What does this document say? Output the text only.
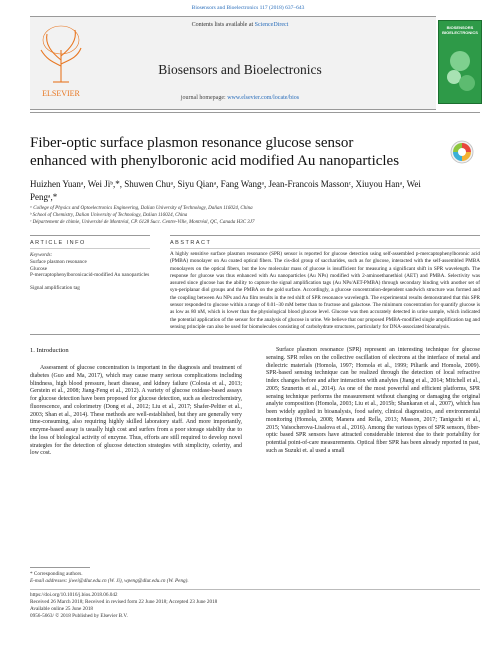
Biosensors and Bioelectronics 117 (2018) 637–643
ELSEVIER
Contents lists available at ScienceDirect
Biosensors and Bioelectronics
journal homepage: www.elsevier.com/locate/bios
BIOSENSORS BIOELECTRONICS
Fiber-optic surface plasmon resonance glucose sensor enhanced with phenylboronic acid modified Au nanoparticles
Huizhen Yuanᵃ, Wei Jiᵇ,*, Shuwen Chuᵃ, Siyu Qianᵃ, Fang Wangᵃ, Jean-Francois Massonᶜ, Xiuyou Hanᵃ, Wei Pengᵃ,*
ᵃ College of Physics and Optoelectronics Engineering, Dalian University of Technology, Dalian 116024, China
ᵇ School of Chemistry, Dalian University of Technology, Dalian 116024, China
ᶜ Département de chimie, Université de Montréal, CP. 6128 Succ. Centre-Ville, Montréal, QC, Canada H3C 3J7
ARTICLE INFO	ABSTRACT
Keywords:
Surface plasmon resonance
Glucose
P-mercaptophenylboronicacid-modified Au nanoparticles
Signal amplification tag
A highly sensitive surface plasmon resonance (SPR) sensor is reported for glucose detection using self-assembled p-mercaptophenylboronic acid (PMBA) monolayer on Au coated optical fibers. The cis-diol group of saccharides, such as for glucose, interacted with the self-assembled PMBA monolayers on the optical fibers, but the low molecular mass of glucose is insufficient for measuring a significant shift in SPR wavelength. The response for glucose was thus enhanced with Au nanoparticles (Au NPs) modified with 2-aminoethanethiol (AET) and PMBA. Selectivity was assured since glucose has the ability to capture the signal amplification tags (Au NPs/AET-PMBA) through secondary binding with another set of syn-periplanar diol groups and the PMBA on the gold surface. Accordingly, a glucose concentration-dependent sandwich structure was formed and the coupling between Au NPs and Au film results in the red shift of SPR resonance wavelength. The experimental results demonstrated that this SPR sensor responded to glucose within a range of 0.01–30 mM better than to fructose and galactose. The minimum concentration for quantify glucose is as low as 80 nM, which is lower than the physiological blood glucose level. Glucose was then accurately detected in urine sample, which indicated the potential application of the sensor for the analysis of glucose in urine. We believe that our proposed PMBA-modified single amplification tag and sensing principle can also be used for biomolecules consisting of carbohydrate structures, particularly for DNA-associated bioanalysis.
1. Introduction

Assessment of glucose concentration is important in the diagnosis and treatment of diabetes (Guo and Ma, 2017), which may cause many serious complications including blindness, high blood pressure, heart disease, and kidney failure (Colosia et al., 2013; Gerstein et al., 2008; Jiang-Feng et al., 2012). A variety of glucose oxidase-based assays for glucose detection have been proposed for glucose detection, such as electrochemistry, fluorescence, and colorimetry (Dong et al., 2012; Liu et al., 2017; Shafer-Peltier et al., 2003; Shan et al., 2014). These methods are well-established, but they are generally very time-consuming, also requiring highly skilled laboratory staff. And more importantly, enzyme-based assay is usually high cost and surfers from a poor storage stability due to the loss of biological activity of enzyme. Thus, efforts are still required to develop novel strategies for the detection of glucose detection strategies with simplicity, celerity, and low cost.

Surface plasmon resonance (SPR) represent an interesting technique for glucose sensing. SPR relies on the collective oscillation of electrons at the interface of metal and dielectric materials (Homola, 1997; Homola et al., 1999; Piliarik and Homola, 2009). SPR-based sensing technique can be realized through the detection of local refractive index changes before and after interaction with analytes (Jiang et al., 2014; Mitchell et al., 2005; Szunerits et al., 2014). As one of the most powerful and efficient platforms, SPR sensing technique performs the measurement without changing or damaging the original analyte composition (Homola, 2003; Liu et al., 2015b; Shankaran et al., 2007), which has been widely applied in bioanalysis, food safety, clinical diagnostics, and environmental monitoring (Homola, 2008; Manera and Rella, 2013; Masson, 2017; Taniguchi et al., 2015; Vaisocherova-Lisalova et al., 2016). Among the various types of SPR sensors, fiber-optic based SPR sensors have attracted considerable interest due to their portability for potential point-of-care measurements. Optical fiber SPR has been already reported in past, such as Suzuki et. al used a small

* Corresponding authors.
E-mail addresses: jiwei@dlut.edu.cn (W. Ji), wpeng@dlut.edu.cn (W. Peng).
https://doi.org/10.1016/j.bios.2018.06.042
Received 26 March 2018; Received in revised form 22 June 2018; Accepted 23 June 2018
Available online 25 June 2018
0956-5663/ © 2018 Published by Elsevier B.V.
